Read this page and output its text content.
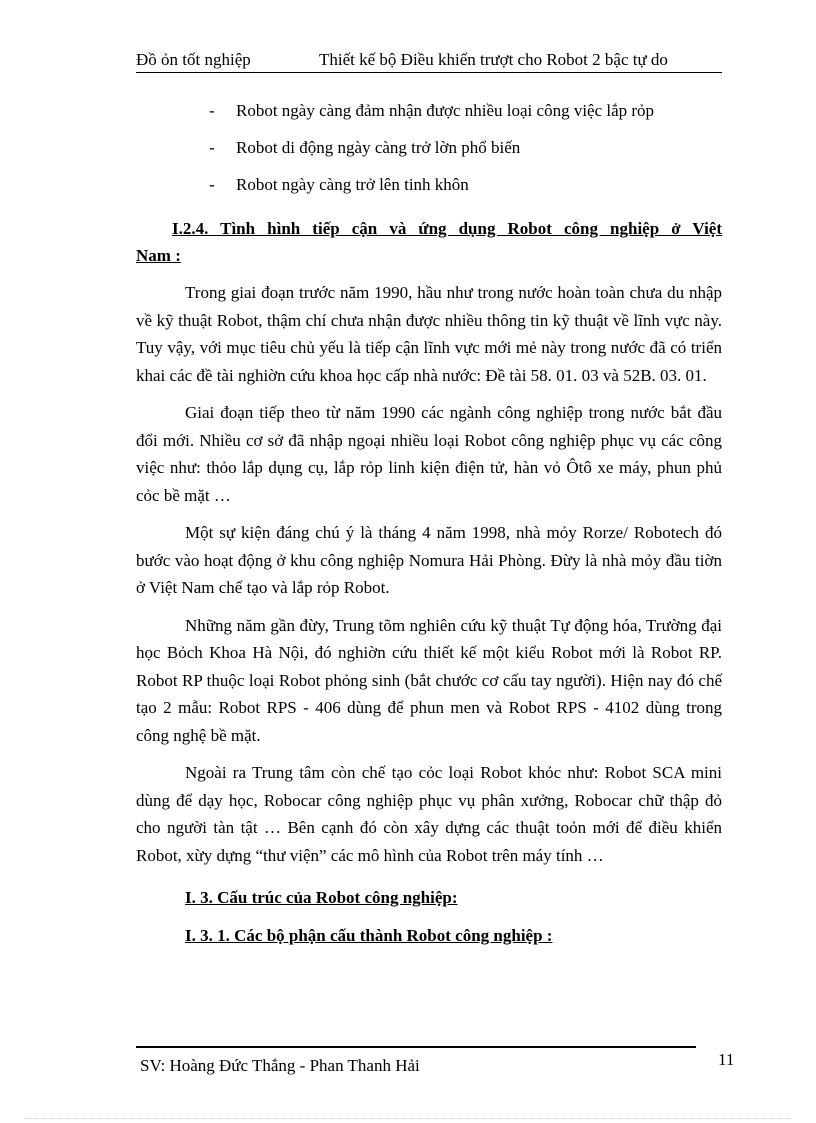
Đồ ỏn tốt nghiệp	Thiết kế bộ Điều khiển trượt cho Robot 2 bậc tự do
- Robot ngày càng đảm nhận được nhiều loại công việc lắp rỏp
- Robot di động ngày càng trở lờn phổ biến
- Robot ngày càng trở lên tinh khôn
I.2.4. Tình hình tiếp cận và ứng dụng Robot công nghiệp ở Việt
Nam :

Trong giai đoạn trước năm 1990, hầu như trong nước hoàn toàn chưa du nhập về kỹ thuật Robot, thậm chí chưa nhận được nhiều thông tin kỹ thuật về lĩnh vực này. Tuy vậy, với mục tiêu chủ yếu là tiếp cận lĩnh vực mới mẻ này trong nước đã có triển khai các đề tài nghiờn cứu khoa học cấp nhà nước: Đề tài 58. 01. 03 và 52B. 03. 01.

Giai đoạn tiếp theo từ năm 1990 các ngành công nghiệp trong nước bắt đầu đổi mới. Nhiều cơ sở đã nhập ngoại nhiều loại Robot công nghiệp phục vụ các công việc như: thỏo lắp dụng cụ, lắp rỏp linh kiện điện tử, hàn vỏ Ôtô xe máy, phun phủ cỏc bề mặt …

Một sự kiện đáng chú ý là tháng 4 năm 1998, nhà mỏy Rorze/ Robotech đó bước vào hoạt động ở khu công nghiệp Nomura Hải Phòng. Đừy là nhà mỏy đầu tiờn ở Việt Nam chế tạo và lắp rỏp Robot.

Những năm gần đừy, Trung tõm nghiên cứu kỹ thuật Tự động hóa, Trường đại học Bỏch Khoa Hà Nội, đó nghiờn cứu thiết kế một kiểu Robot mới là Robot RP. Robot RP thuộc loại Robot phỏng sinh (bắt chước cơ cấu tay người). Hiện nay đó chế tạo 2 mẫu: Robot RPS - 406 dùng để phun men và Robot RPS - 4102 dùng trong công nghệ bề mặt.

Ngoài ra Trung tâm còn chế tạo cỏc loại Robot khỏc như: Robot SCA mini dùng để dạy học, Robocar công nghiệp phục vụ phân xưởng, Robocar chữ thập đỏ cho người tàn tật … Bên cạnh đó còn xây dựng các thuật toỏn mới để điều khiển Robot, xừy dựng “thư viện” các mô hình của Robot trên máy tính …

I. 3. Cấu trúc của Robot công nghiệp:
I. 3. 1. Các bộ phận cấu thành Robot công nghiệp :
SV: Hoàng Đức Thắng - Phan Thanh Hải	11
